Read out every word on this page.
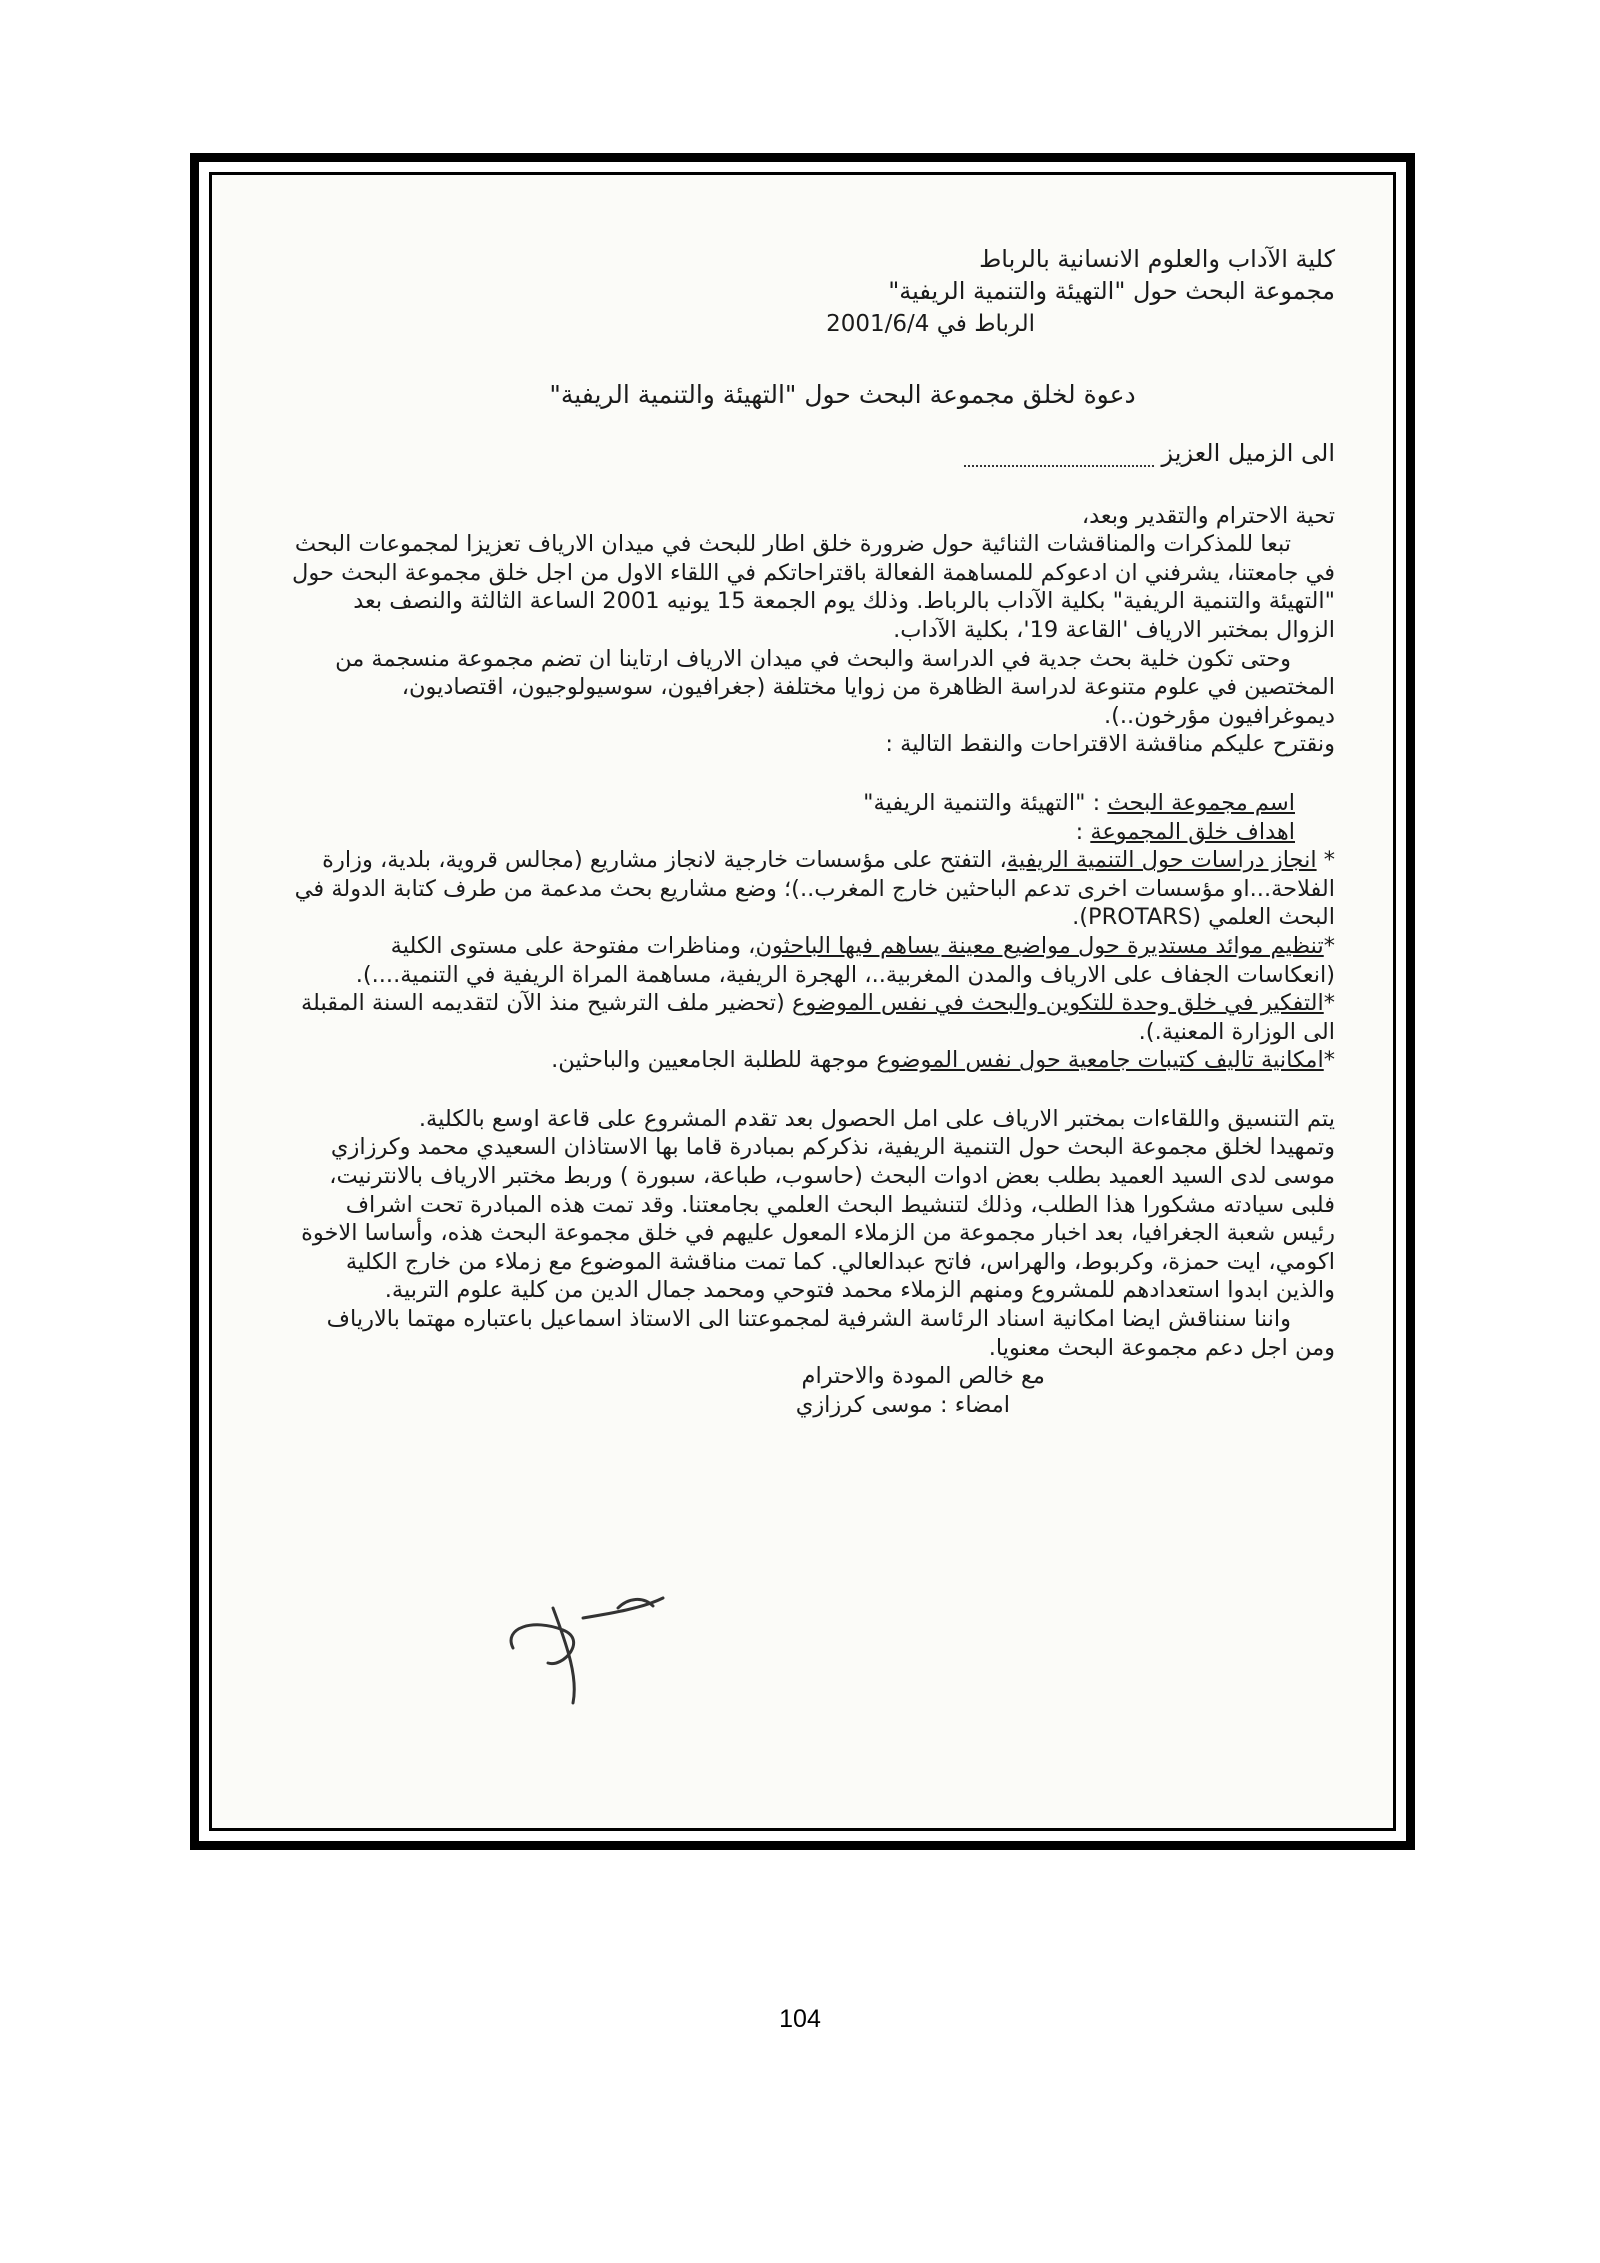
كلية الآداب والعلوم الانسانية بالرباط

مجموعة البحث حول "التهيئة والتنمية الريفية"

الرباط في 2001/6/4

دعوة لخلق مجموعة البحث حول "التهيئة والتنمية الريفية"

الى الزميل العزيز

تحية الاحترام والتقدير وبعد،

تبعا للمذكرات والمناقشات الثنائية حول ضرورة خلق اطار للبحث في ميدان الارياف تعزيزا لمجموعات البحث في جامعتنا، يشرفني ان ادعوكم للمساهمة الفعالة باقتراحاتكم في اللقاء الاول من اجل خلق مجموعة البحث حول "التهيئة والتنمية الريفية" بكلية الآداب بالرباط. وذلك يوم الجمعة 15 يونيه 2001 الساعة الثالثة والنصف بعد الزوال بمختبر الارياف 'القاعة 19'، بكلية الآداب.

وحتى تكون خلية بحث جدية في الدراسة والبحث في ميدان الارياف ارتاينا ان تضم مجموعة منسجمة من المختصين في علوم متنوعة لدراسة الظاهرة من زوايا مختلفة (جغرافيون، سوسيولوجيون، اقتصاديون، ديموغرافيون مؤرخون..).

ونقترح عليكم مناقشة الاقتراحات والنقط التالية :

اسم مجموعة البحث : "التهيئة والتنمية الريفية"

اهداف خلق المجموعة :

* انجاز دراسات حول التنمية الريفية، التفتح على مؤسسات خارجية لانجاز مشاريع (مجالس قروية، بلدية، وزارة الفلاحة...او مؤسسات اخرى تدعم الباحثين خارج المغرب..)؛ وضع مشاريع بحث مدعمة من طرف كتابة الدولة في البحث العلمي (PROTARS).

*تنظيم موائد مستديرة حول مواضيع معينة يساهم فيها الباحثون، ومناظرات مفتوحة على مستوى الكلية (انعكاسات الجفاف على الارياف والمدن المغربية..، الهجرة الريفية، مساهمة المراة الريفية في التنمية....).

*التفكير في خلق وحدة للتكوين والبحث في نفس الموضوع (تحضير ملف الترشيح منذ الآن لتقديمه السنة المقبلة الى الوزارة المعنية.).

*امكانية تاليف كتيبات جامعية حول نفس الموضوع موجهة للطلبة الجامعيين والباحثين.

يتم التنسيق واللقاءات بمختبر الارياف على امل الحصول بعد تقدم المشروع على قاعة اوسع بالكلية.

وتمهيدا لخلق مجموعة البحث حول التنمية الريفية، نذكركم بمبادرة قاما بها الاستاذان السعيدي محمد وكرزازي موسى لدى السيد العميد بطلب بعض ادوات البحث (حاسوب، طباعة، سبورة ) وربط مختبر الارياف بالانترنيت، فلبى سيادته مشكورا هذا الطلب، وذلك لتنشيط البحث العلمي بجامعتنا. وقد تمت هذه المبادرة تحت اشراف رئيس شعبة الجغرافيا، بعد اخبار مجموعة من الزملاء المعول عليهم في خلق مجموعة البحث هذه، وأساسا الاخوة اكومي، ايت حمزة، وكربوط، والهراس، فاتح عبدالعالي. كما تمت مناقشة الموضوع مع زملاء من خارج الكلية والذين ابدوا استعدادهم للمشروع ومنهم الزملاء محمد فتوحي ومحمد جمال الدين من كلية علوم التربية.

واننا سنناقش ايضا امكانية اسناد الرئاسة الشرفية لمجموعتنا الى الاستاذ اسماعيل باعتباره مهتما بالارياف ومن اجل دعم مجموعة البحث معنويا.

مع خالص المودة والاحترام

امضاء : موسى كرزازي

104
